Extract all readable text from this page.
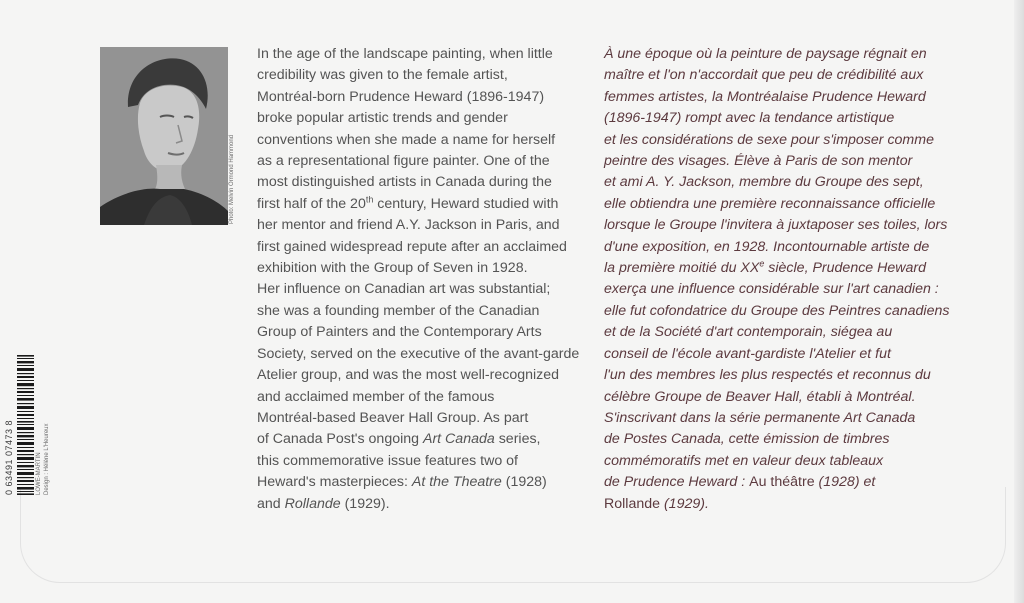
Photo: Melvin Ormond Hammond

In the age of the landscape painting, when little
credibility was given to the female artist,
Montréal-born Prudence Heward (1896-1947)
broke popular artistic trends and gender
conventions when she made a name for herself
as a representational figure painter. One of the
most distinguished artists in Canada during the
first half of the 20th century, Heward studied with
her mentor and friend A.Y. Jackson in Paris, and
first gained widespread repute after an acclaimed
exhibition with the Group of Seven in 1928.
Her influence on Canadian art was substantial;
she was a founding member of the Canadian
Group of Painters and the Contemporary Arts
Society, served on the executive of the avant-garde
Atelier group, and was the most well-recognized
and acclaimed member of the famous
Montréal-based Beaver Hall Group. As part
of Canada Post's ongoing Art Canada series,
this commemorative issue features two of
Heward's masterpieces: At the Theatre (1928)
and Rollande (1929).

À une époque où la peinture de paysage régnait en
maître et l'on n'accordait que peu de crédibilité aux
femmes artistes, la Montréalaise Prudence Heward
(1896-1947) rompt avec la tendance artistique
et les considérations de sexe pour s'imposer comme
peintre des visages. Élève à Paris de son mentor
et ami A. Y. Jackson, membre du Groupe des sept,
elle obtiendra une première reconnaissance officielle
lorsque le Groupe l'invitera à juxtaposer ses toiles, lors
d'une exposition, en 1928. Incontournable artiste de
la première moitié du XXe siècle, Prudence Heward
exerça une influence considérable sur l'art canadien :
elle fut cofondatrice du Groupe des Peintres canadiens
et de la Société d'art contemporain, siégea au
conseil de l'école avant-gardiste l'Atelier et fut
l'un des membres les plus respectés et reconnus du
célèbre Groupe de Beaver Hall, établi à Montréal.
S'inscrivant dans la série permanente Art Canada
de Postes Canada, cette émission de timbres
commémoratifs met en valeur deux tableaux
de Prudence Heward : Au théâtre (1928) et
Rollande (1929).

0 63491 07473 8	LOWE-MARTIN Design : Hélène L'Heureux
